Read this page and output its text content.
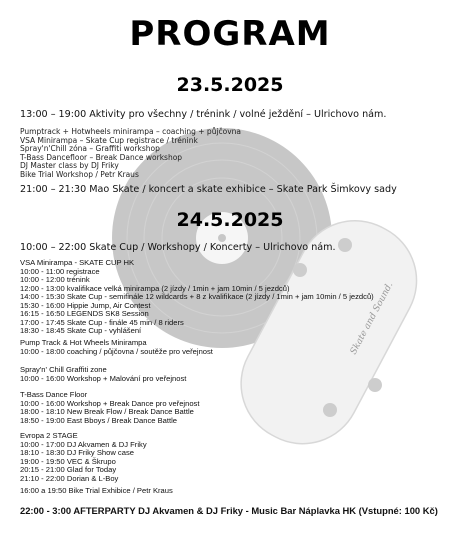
Skate and Sound.
PROGRAM
23.5.2025
13:00 – 19:00 Aktivity pro všechny / trénink / volné ježdění – Ulrichovo nám.
Pumptrack + Hotwheels minirampa – coaching + půjčovna
VSA Minirampa – Skate Cup registrace / trénink
Spray'n'Chill zóna – Graffiti workshop
T-Bass Dancefloor – Break Dance workshop
DJ Master class by DJ Friky
Bike Trial Workshop / Petr Kraus
21:00 – 21:30 Mao Skate / koncert a skate exhibice – Skate Park Šimkovy sady
24.5.2025
10:00 – 22:00 Skate Cup / Workshopy / Koncerty – Ulrichovo nám.
VSA Minirampa - SKATE CUP HK
10:00 - 11:00 registrace
10:00 - 12:00 trénink
12:00 - 13:00 kvalifikace velká minirampa (2 jízdy / 1min + jam 10min / 5 jezdců)
14:00 - 15:30 Skate Cup - semifinále 12 wildcards + 8 z kvalifikace (2 jízdy / 1min + jam 10min / 5 jezdců)
15:30 - 16:00 Hippie Jump, Air Contest
16:15 - 16:50 LEGENDS SK8 Session
17:00 - 17:45 Skate Cup - finále 45 min / 8 riders
18:30 - 18:45 Skate Cup - vyhlášení
Pump Track & Hot Wheels Minirampa
10:00 - 18:00 coaching / půjčovna / soutěže pro veřejnost
Spray'n' Chill Graffiti zone
10:00 - 16:00 Workshop + Malování pro veřejnost
T-Bass Dance Floor
10:00 - 16:00 Workshop + Break Dance pro veřejnost
18:00 - 18:10 New Break Flow / Break Dance Battle
18:50 - 19:00 East Bboys / Break Dance Battle
Evropa 2 STAGE
10:00 - 17:00 DJ Akvamen & DJ Friky
18:10 - 18:30 DJ Friky Show case
19:00 - 19:50 VEC & Škrupo
20:15 - 21:00 Glad for Today
21:10 - 22:00 Dorian & L-Boy
16:00 a 19:50 Bike Trial Exhibice / Petr Kraus
22:00 - 3:00 AFTERPARTY DJ Akvamen & DJ Friky - Music Bar Náplavka HK (Vstupné: 100 Kč)
